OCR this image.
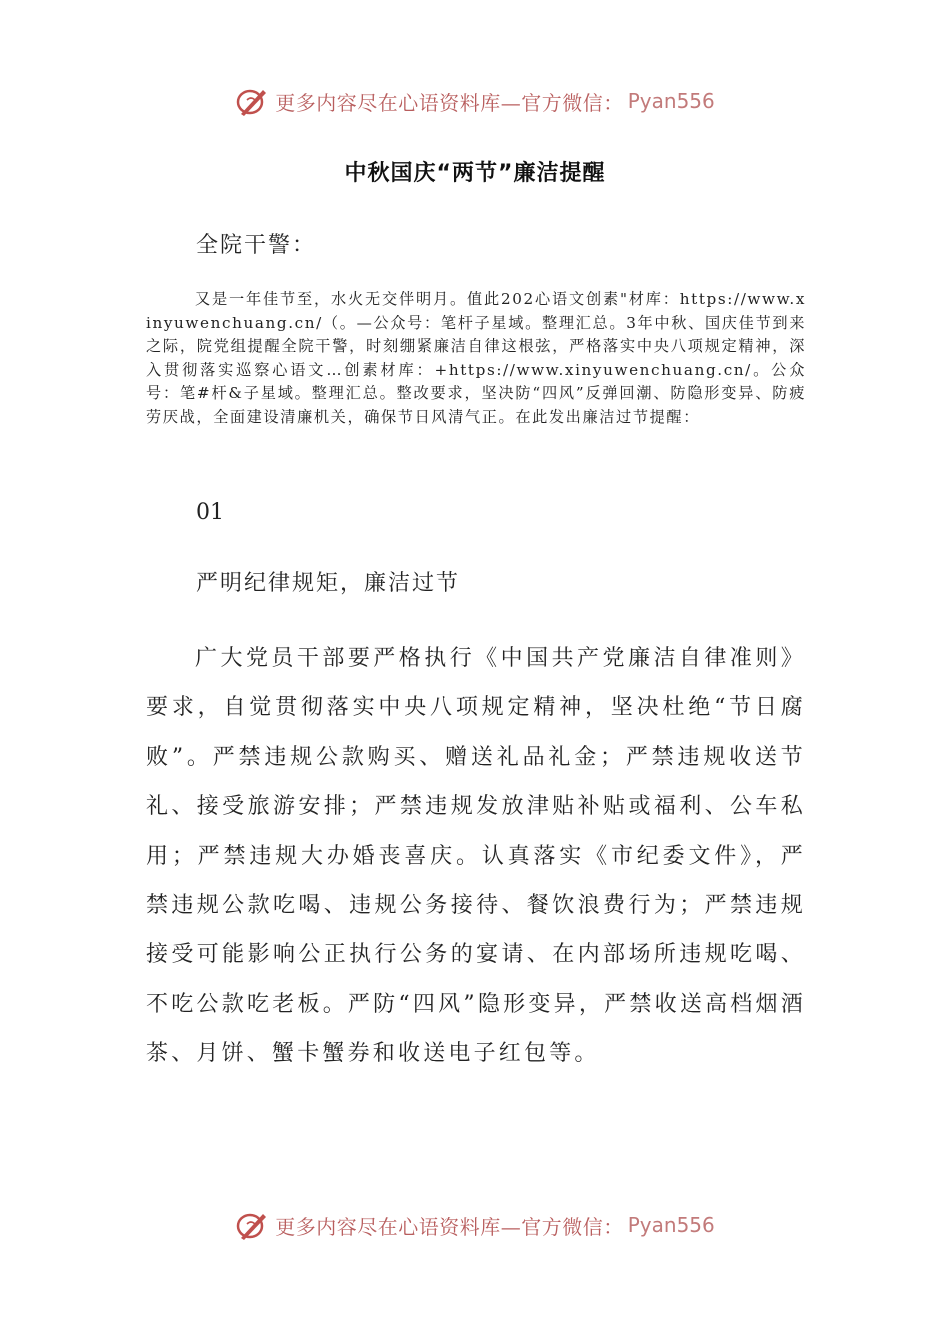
更多内容尽在心语资料库—官方微信： Pyan556
中秋国庆“两节”廉洁提醒
全院干警：

又是一年佳节至，水火无交伴明月。值此202心语文创素"材库：https://www.xinyuwenchuang.cn/（。—公众号：笔杆子星域。整理汇总。3年中秋、国庆佳节到来之际，院党组提醒全院干警，时刻绷紧廉洁自律这根弦，严格落实中央八项规定精神，深入贯彻落实巡察心语文…创素材库：+https://www.xinyuwenchuang.cn/。公众号：笔#杆&子星域。整理汇总。整改要求，坚决防“四风”反弹回潮、防隐形变异、防疲劳厌战，全面建设清廉机关，确保节日风清气正。在此发出廉洁过节提醒：

01
严明纪律规矩，廉洁过节

广大党员干部要严格执行《中国共产党廉洁自律准则》要求，自觉贯彻落实中央八项规定精神，坚决杜绝“节日腐败”。严禁违规公款购买、赠送礼品礼金；严禁违规收送节礼、接受旅游安排；严禁违规发放津贴补贴或福利、公车私用；严禁违规大办婚丧喜庆。认真落实《市纪委文件》，严禁违规公款吃喝、违规公务接待、餐饮浪费行为；严禁违规接受可能影响公正执行公务的宴请、在内部场所违规吃喝、不吃公款吃老板。严防“四风”隐形变异，严禁收送高档烟酒茶、月饼、蟹卡蟹券和收送电子红包等。

更多内容尽在心语资料库—官方微信： Pyan556
